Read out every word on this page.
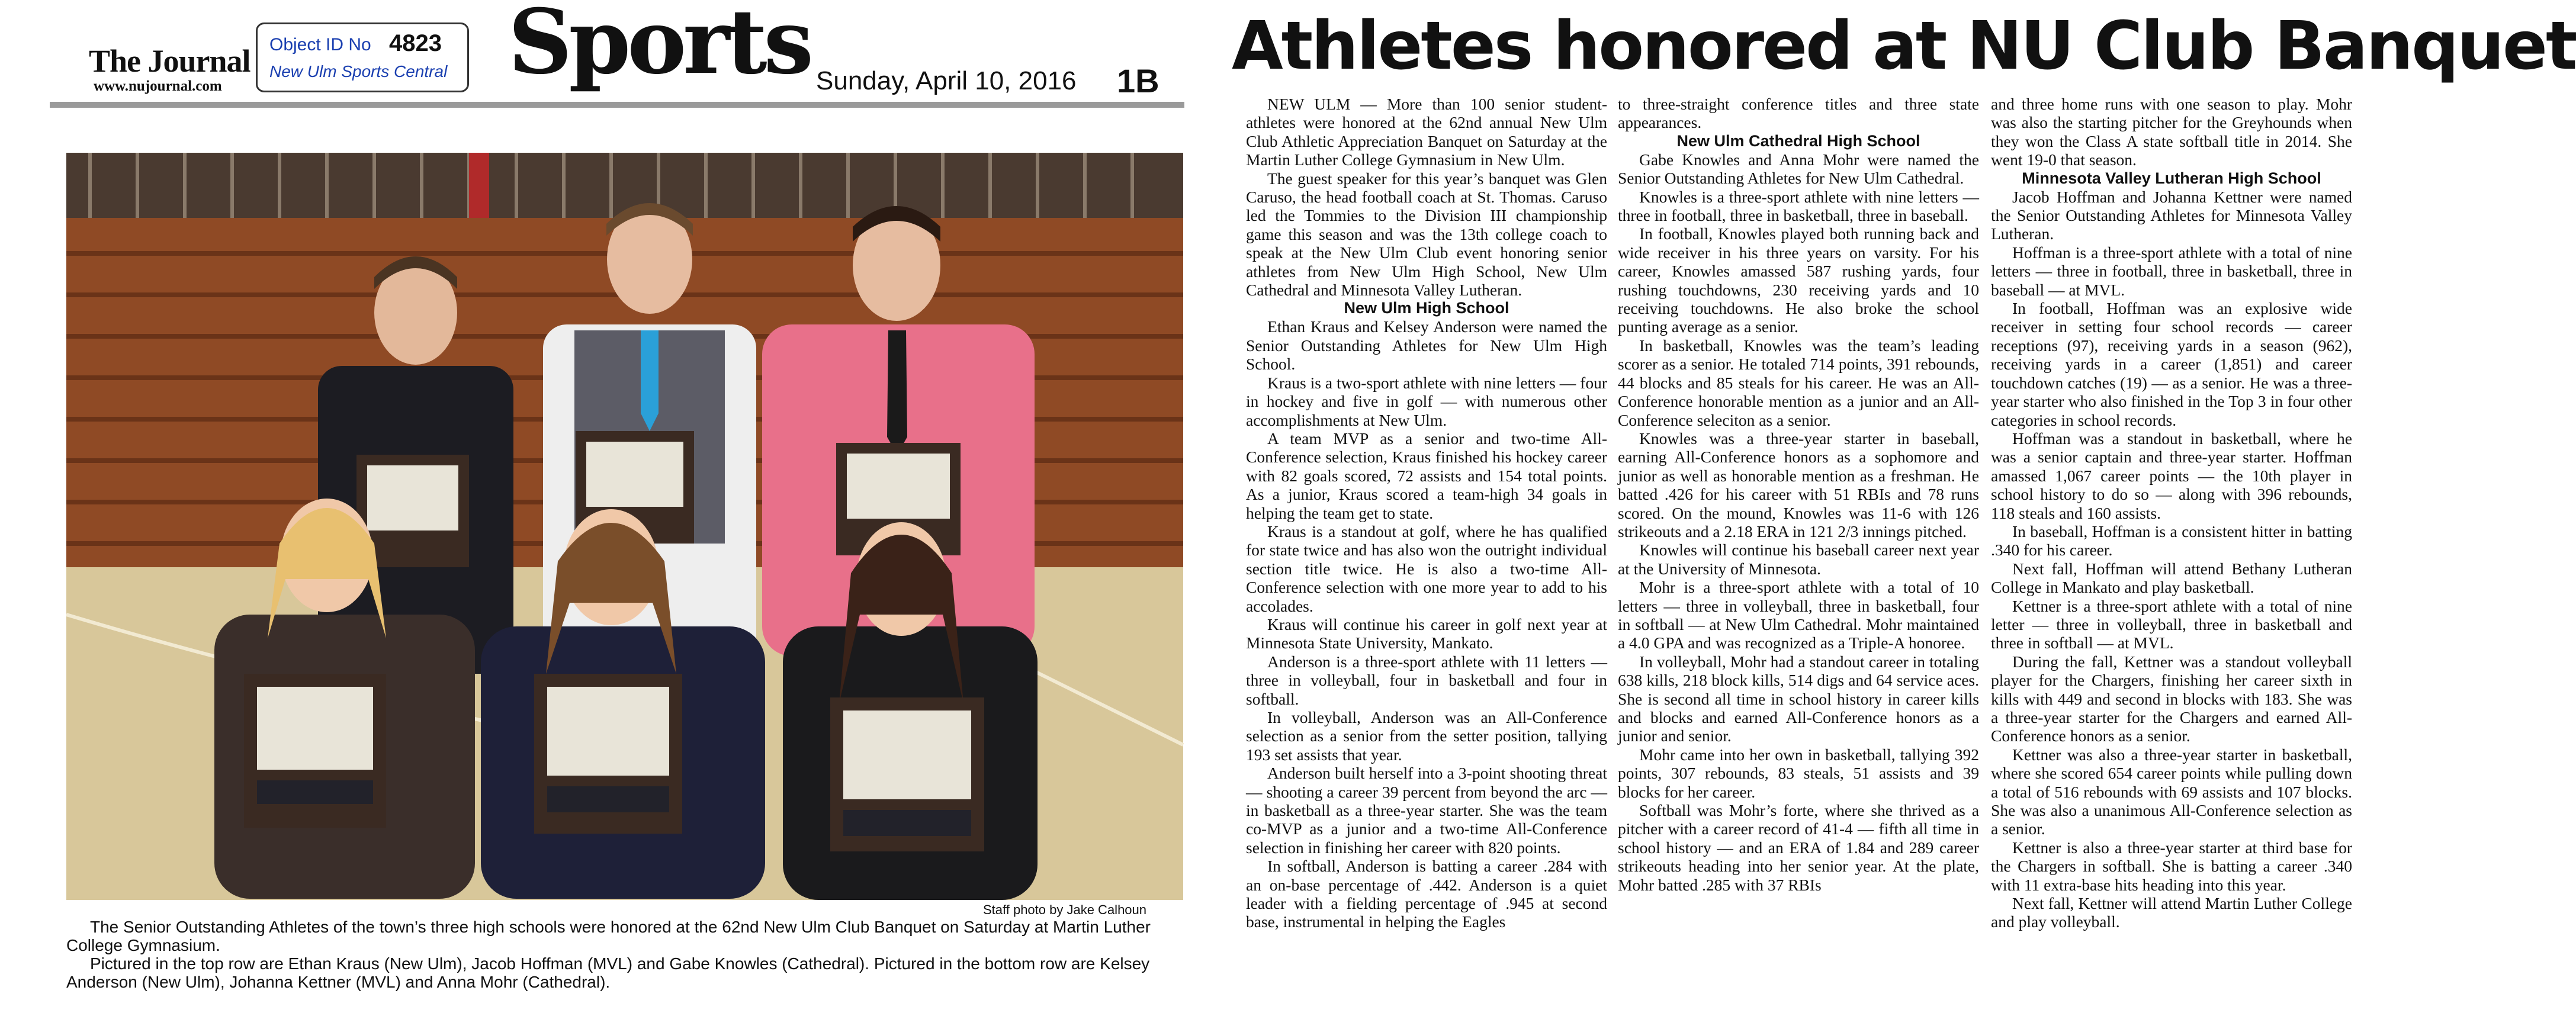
The Journal
www.nujournal.com
Object ID No 4823
New Ulm Sports Central Sports Sunday, April 10, 2016 1B
Staff photo by Jake Calhoun

The Senior Outstanding Athletes of the town’s three high schools were honored at the 62nd New Ulm Club Banquet on Saturday at Martin Luther College Gymnasium.

Pictured in the top row are Ethan Kraus (New Ulm), Jacob Hoffman (MVL) and Gabe Knowles (Cathedral). Pictured in the bottom row are Kelsey Anderson (New Ulm), Johanna Kettner (MVL) and Anna Mohr (Cathedral).

Athletes honored at NU Club Banquet

NEW ULM — More than 100 senior student-athletes were honored at the 62nd annual New Ulm Club Athletic Appreciation Banquet on Saturday at the Martin Luther College Gymnasium in New Ulm.

The guest speaker for this year’s banquet was Glen Caruso, the head football coach at St. Thomas. Caruso led the Tommies to the Division III championship game this season and was the 13th college coach to speak at the New Ulm Club event honoring senior athletes from New Ulm High School, New Ulm Cathedral and Minnesota Valley Lutheran.

New Ulm High School

Ethan Kraus and Kelsey Anderson were named the Senior Outstanding Athletes for New Ulm High School.

Kraus is a two-sport athlete with nine letters — four in hockey and five in golf — with numerous other accomplishments at New Ulm.

A team MVP as a senior and two-time All-Conference selection, Kraus finished his hockey career with 82 goals scored, 72 assists and 154 total points. As a junior, Kraus scored a team-high 34 goals in helping the team get to state.

Kraus is a standout at golf, where he has qualified for state twice and has also won the outright individual section title twice. He is also a two-time All-Conference selection with one more year to add to his accolades.

Kraus will continue his career in golf next year at Minnesota State University, Mankato.

Anderson is a three-sport athlete with 11 letters — three in volleyball, four in basketball and four in softball.

In volleyball, Anderson was an All-Conference selection as a senior from the setter position, tallying 193 set assists that year.

Anderson built herself into a 3-point shooting threat — shooting a career 39 percent from beyond the arc — in basketball as a three-year starter. She was the team co-MVP as a junior and a two-time All-Conference selection in finishing her career with 820 points.

In softball, Anderson is batting a career .284 with an on-base percentage of .442. Anderson is a quiet leader with a fielding percentage of .945 at second base, instrumental in helping the Eagles

to three-straight conference titles and three state appearances.

New Ulm Cathedral High School

Gabe Knowles and Anna Mohr were named the Senior Outstanding Athletes for New Ulm Cathedral.

Knowles is a three-sport athlete with nine letters — three in football, three in basketball, three in baseball.

In football, Knowles played both running back and wide receiver in his three years on varsity. For his career, Knowles amassed 587 rushing yards, four rushing touchdowns, 230 receiving yards and 10 receiving touchdowns. He also broke the school punting average as a senior.

In basketball, Knowles was the team’s leading scorer as a senior. He totaled 714 points, 391 rebounds, 44 blocks and 85 steals for his career. He was an All-Conference honorable mention as a junior and an All-Conference seleciton as a senior.

Knowles was a three-year starter in baseball, earning All-Conference honors as a sophomore and junior as well as honorable mention as a freshman. He batted .426 for his career with 51 RBIs and 78 runs scored. On the mound, Knowles was 11-6 with 126 strikeouts and a 2.18 ERA in 121 2/3 innings pitched.

Knowles will continue his baseball career next year at the University of Minnesota.

Mohr is a three-sport athlete with a total of 10 letters — three in volleyball, three in basketball, four in softball — at New Ulm Cathedral. Mohr maintained a 4.0 GPA and was recognized as a Triple-A honoree.

In volleyball, Mohr had a standout career in totaling 638 kills, 218 block kills, 514 digs and 64 service aces. She is second all time in school history in career kills and blocks and earned All-Conference honors as a junior and senior.

Mohr came into her own in basketball, tallying 392 points, 307 rebounds, 83 steals, 51 assists and 39 blocks for her career.

Softball was Mohr’s forte, where she thrived as a pitcher with a career record of 41-4 — fifth all time in school history — and an ERA of 1.84 and 289 career strikeouts heading into her senior year. At the plate, Mohr batted .285 with 37 RBIs

and three home runs with one season to play. Mohr was also the starting pitcher for the Greyhounds when they won the Class A state softball title in 2014. She went 19-0 that season.

Minnesota Valley Lutheran High School

Jacob Hoffman and Johanna Kettner were named the Senior Outstanding Athletes for Minnesota Valley Lutheran.

Hoffman is a three-sport athlete with a total of nine letters — three in football, three in basketball, three in baseball — at MVL.

In football, Hoffman was an explosive wide receiver in setting four school records — career receptions (97), receiving yards in a season (962), receiving yards in a career (1,851) and career touchdown catches (19) — as a senior. He was a three-year starter who also finished in the Top 3 in four other categories in school records.

Hoffman was a standout in basketball, where he was a senior captain and three-year starter. Hoffman amassed 1,067 career points — the 10th player in school history to do so — along with 396 rebounds, 118 steals and 160 assists.

In baseball, Hoffman is a consistent hitter in batting .340 for his career.

Next fall, Hoffman will attend Bethany Lutheran College in Mankato and play basketball.

Kettner is a three-sport athlete with a total of nine letter — three in volleyball, three in basketball and three in softball — at MVL.

During the fall, Kettner was a standout volleyball player for the Chargers, finishing her career sixth in kills with 449 and second in blocks with 183. She was a three-year starter for the Chargers and earned All-Conference honors as a senior.

Kettner was also a three-year starter in basketball, where she scored 654 career points while pulling down a total of 516 rebounds with 69 assists and 107 blocks. She was also a unanimous All-Conference selection as a senior.

Kettner is also a three-year starter at third base for the Chargers in softball. She is batting a career .340 with 11 extra-base hits heading into this year.

Next fall, Kettner will attend Martin Luther College and play volleyball.
